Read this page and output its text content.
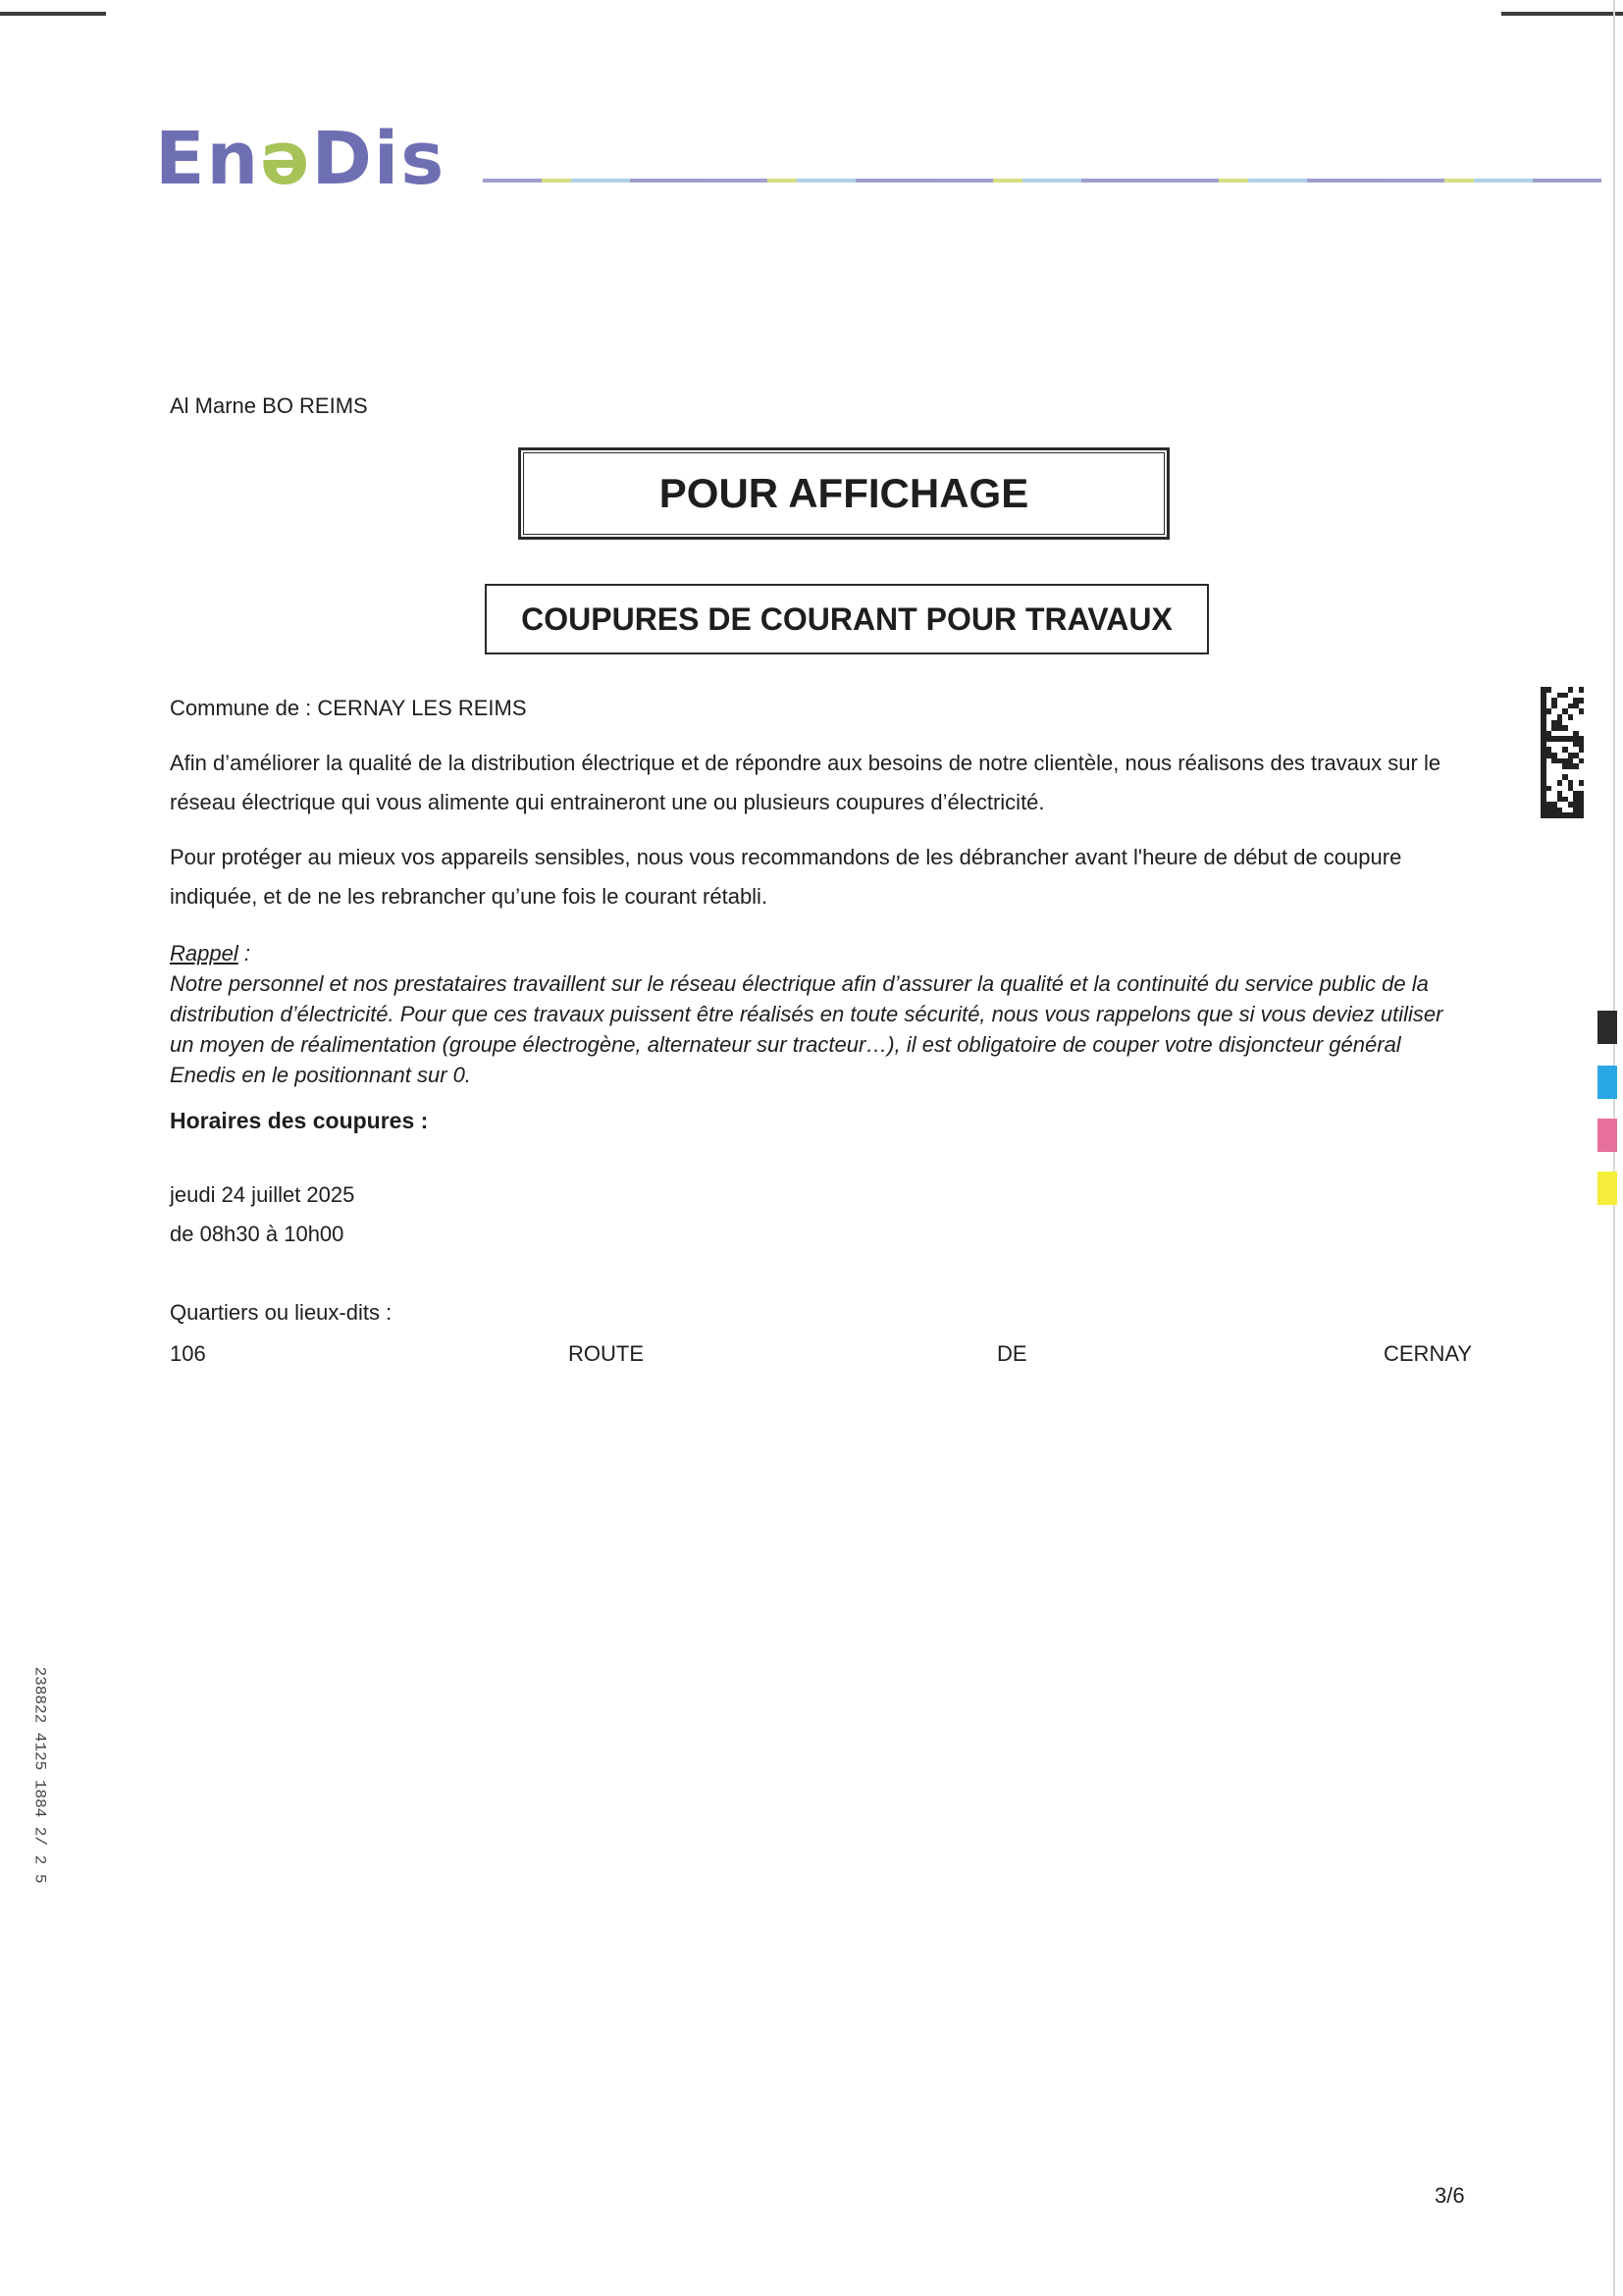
EnəDis
Al Marne BO REIMS
POUR AFFICHAGE
COUPURES DE COURANT POUR TRAVAUX
Commune de : CERNAY LES REIMS
Afin d’améliorer la qualité de la distribution électrique et de répondre aux besoins de notre clientèle, nous réalisons des travaux sur le réseau électrique qui vous alimente qui entraineront une ou plusieurs coupures d’électricité.
Pour protéger au mieux vos appareils sensibles, nous vous recommandons de les débrancher avant l'heure de début de coupure indiquée, et de ne les rebrancher qu’une fois le courant rétabli.
Rappel :
Notre personnel et nos prestataires travaillent sur le réseau électrique afin d’assurer la qualité et la continuité du service public de la distribution d’électricité. Pour que ces travaux puissent être réalisés en toute sécurité, nous vous rappelons que si vous deviez utiliser un moyen de réalimentation (groupe électrogène, alternateur sur tracteur…), il est obligatoire de couper votre disjoncteur général Enedis en le positionnant sur 0.
Horaires des coupures :
jeudi 24 juillet 2025
de 08h30 à 10h00
Quartiers ou lieux-dits :
106	ROUTE	DE	CERNAY
3/6
238822 4125 1884 2/ 2 5
